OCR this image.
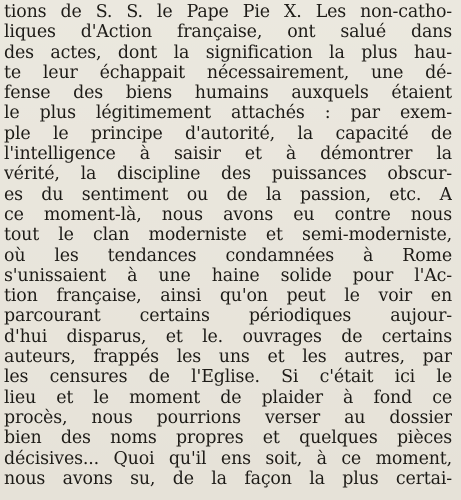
tions de S. S. le Pape Pie X. Les non-catho-
liques d'Action française, ont salué dans
des actes, dont la signification la plus hau-
te leur échappait nécessairement, une dé-
fense des biens humains auxquels étaient
le plus légitimement attachés : par exem-
ple le principe d'autorité, la capacité de
l'intelligence à saisir et à démontrer la
vérité, la discipline des puissances obscur-
es du sentiment ou de la passion, etc. A
ce moment-là, nous avons eu contre nous
tout le clan moderniste et semi-moderniste,
où les tendances condamnées à Rome
s'unissaient à une haine solide pour l'Ac-
tion française, ainsi qu'on peut le voir en
parcourant certains périodiques aujour-
d'hui disparus, et le. ouvrages de certains
auteurs, frappés les uns et les autres, par
les censures de l'Eglise. Si c'était ici le
lieu et le moment de plaider à fond ce
procès, nous pourrions verser au dossier
bien des noms propres et quelques pièces
décisives... Quoi qu'il ens soit, à ce moment,
nous avons su, de la façon la plus certai-
